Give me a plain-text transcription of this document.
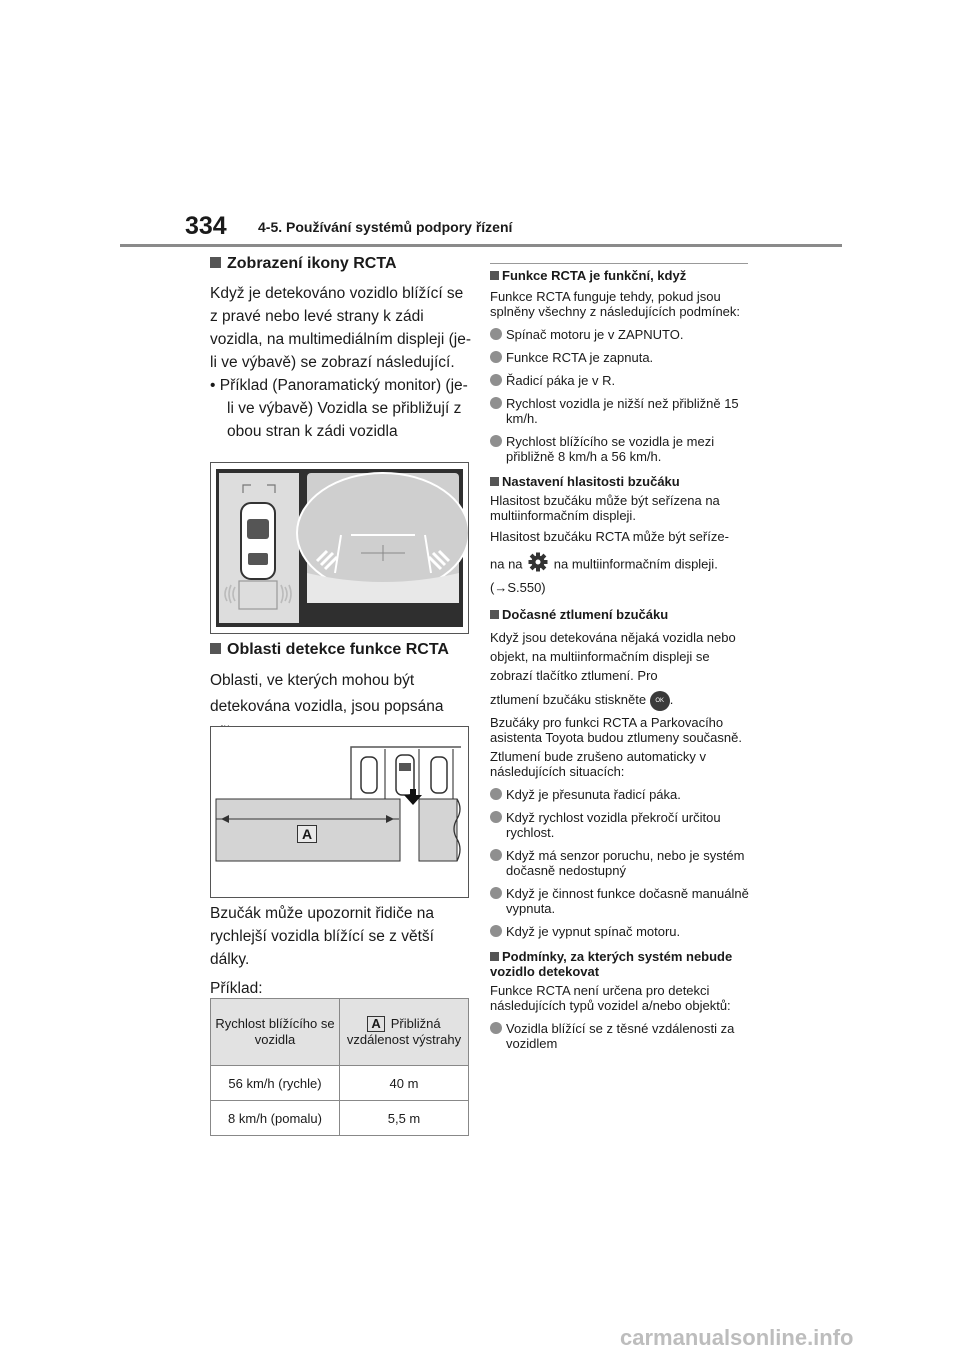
334 4-5. Používání systémů podpory řízení

Zobrazení ikony RCTA

Když je detekováno vozidlo blížící se z pravé nebo levé strany k zádi vozidla, na multimediálním displeji (je-li ve výbavě) se zobrazí následující.

• Příklad (Panoramatický monitor) (je-li ve výbavě) Vozidla se přibližují z obou stran k zádi vozidla

Oblasti detekce funkce RCTA

Oblasti, ve kterých mohou být detekována vozidla, jsou popsána

A

Bzučák může upozornit řidiče na rychlejší vozidla blížící se z větší dálky.

Příklad:

Rychlost blížícího se vozidla	A Přibližná vzdálenost výstrahy
56 km/h (rychle)	40 m
8 km/h (pomalu)	5,5 m

Funkce RCTA je funkční, když

Funkce RCTA funguje tehdy, pokud jsou splněny všechny z následujících podmínek:

Spínač motoru je v ZAPNUTO.

Funkce RCTA je zapnuta.

Řadicí páka je v R.

Rychlost vozidla je nižší než přibližně 15 km/h.

Rychlost blížícího se vozidla je mezi přibližně 8 km/h a 56 km/h.

Nastavení hlasitosti bzučáku

Hlasitost bzučáku může být seřízena na multiinformačním displeji.

Hlasitost bzučáku RCTA může být seříze-

na na na multiinformačním displeji.

(→S.550)

Dočasné ztlumení bzučáku

Když jsou detekována nějaká vozidla nebo objekt, na multiinformačním displeji se zobrazí tlačítko ztlumení. Pro

ztlumení bzučáku stiskněte OK .

Bzučáky pro funkci RCTA a Parkovacího asistenta Toyota budou ztlumeny současně.

Ztlumení bude zrušeno automaticky v následujících situacích:

Když je přesunuta řadicí páka.

Když rychlost vozidla překročí určitou rychlost.

Když má senzor poruchu, nebo je systém dočasně nedostupný

Když je činnost funkce dočasně manuálně vypnuta.

Když je vypnut spínač motoru.

Podmínky, za kterých systém nebude vozidlo detekovat

Funkce RCTA není určena pro detekci následujících typů vozidel a/nebo objektů:

Vozidla blížící se z těsné vzdálenosti za vozidlem

carmanualsonline.info
